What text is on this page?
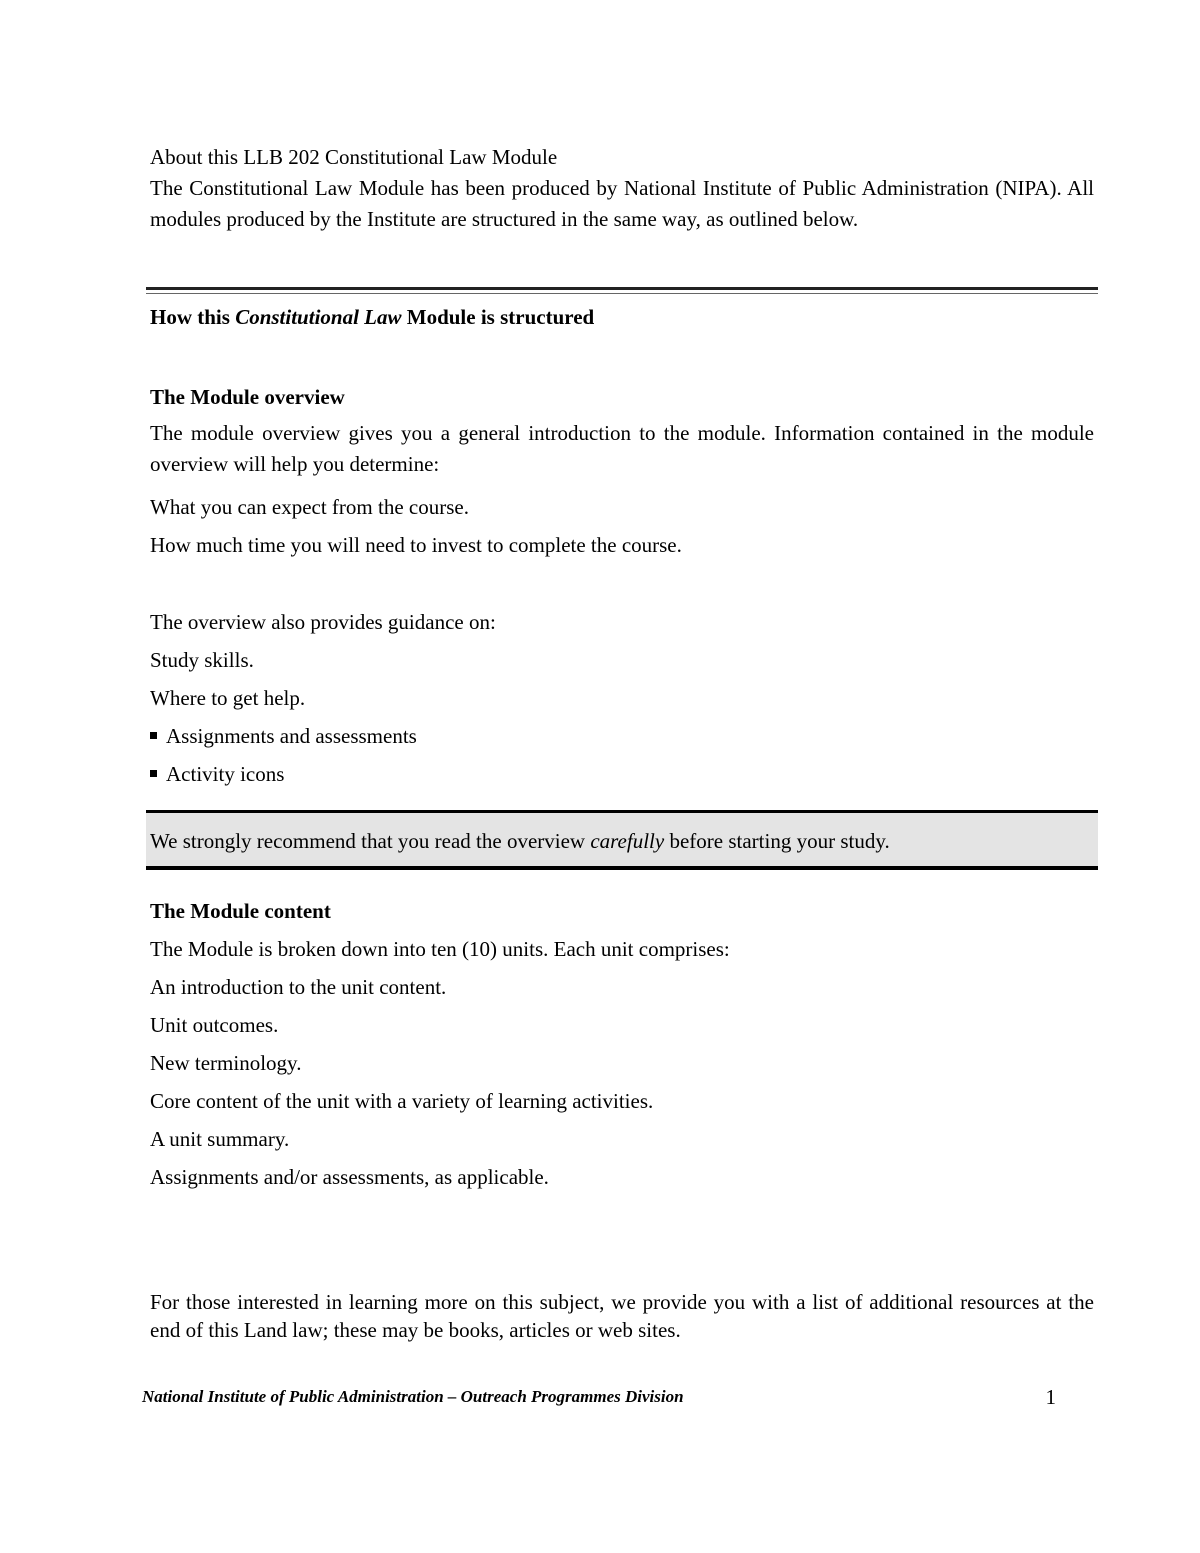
About this LLB 202 Constitutional Law Module

The Constitutional Law Module has been produced by National Institute of Public Administration (NIPA). All modules produced by the Institute are structured in the same way, as outlined below.

How this Constitutional Law Module is structured

The Module overview

The module overview gives you a general introduction to the module. Information contained in the module overview will help you determine:

What you can expect from the course.

How much time you will need to invest to complete the course.

The overview also provides guidance on:

Study skills.

Where to get help.

Assignments and assessments

Activity icons

We strongly recommend that you read the overview carefully before starting your study.

The Module content

The Module is broken down into ten (10) units. Each unit comprises:

An introduction to the unit content.

Unit outcomes.

New terminology.

Core content of the unit with a variety of learning activities.

A unit summary.

Assignments and/or assessments, as applicable.

For those interested in learning more on this subject, we provide you with a list of additional resources at the end of this Land law; these may be books, articles or web sites.

National Institute of Public Administration – Outreach Programmes Division	1
